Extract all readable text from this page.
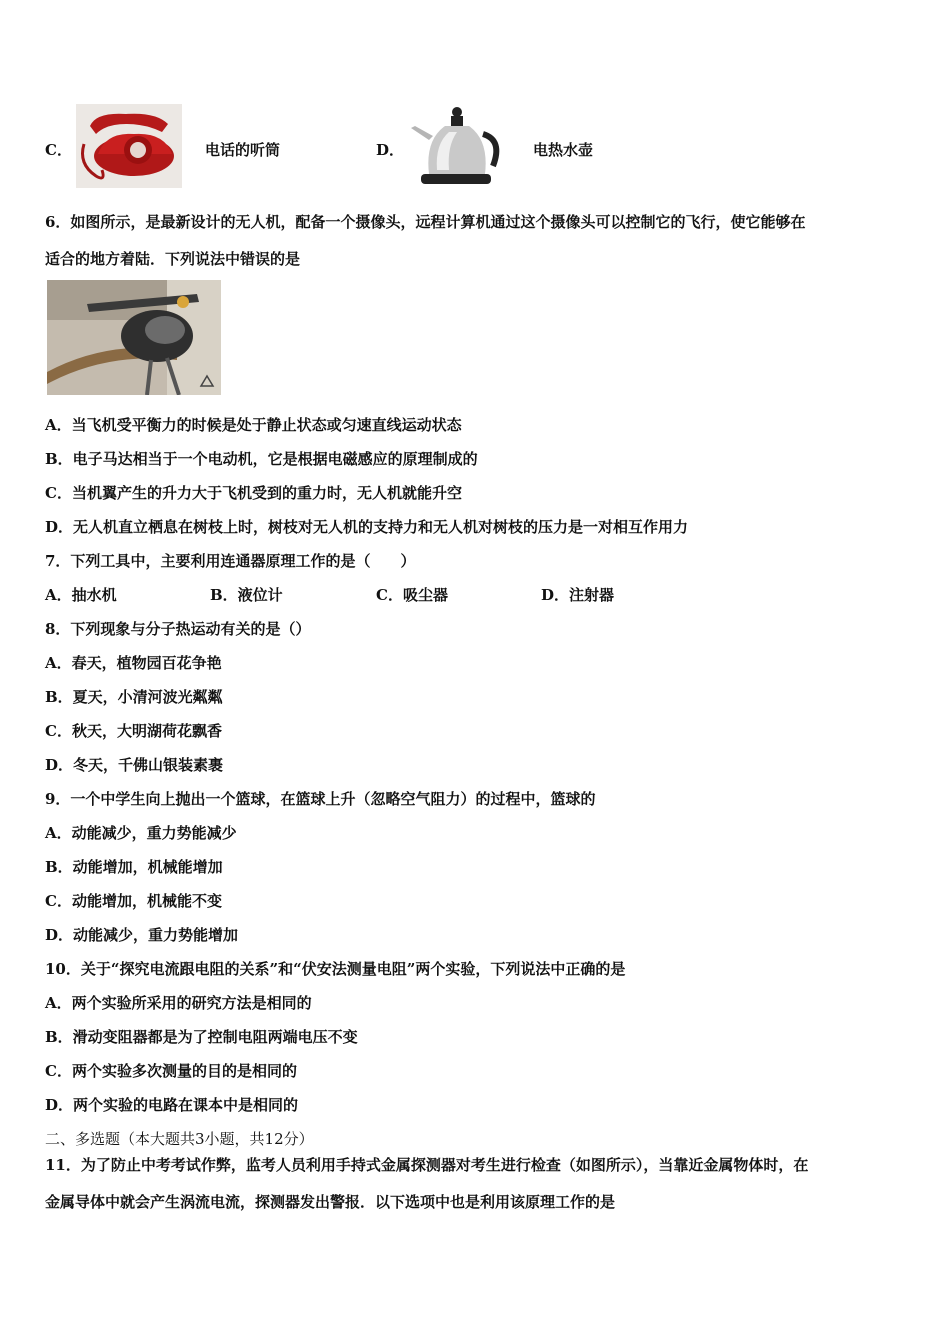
C．	电话的听筒	D．	电热水壶
6．如图所示，是最新设计的无人机，配备一个摄像头，远程计算机通过这个摄像头可以控制它的飞行，使它能够在
适合的地方着陆．下列说法中错误的是
A．当飞机受平衡力的时候是处于静止状态或匀速直线运动状态
B．电子马达相当于一个电动机，它是根据电磁感应的原理制成的
C．当机翼产生的升力大于飞机受到的重力时，无人机就能升空
D．无人机直立栖息在树枝上时，树枝对无人机的支持力和无人机对树枝的压力是一对相互作用力
7．下列工具中，主要利用连通器原理工作的是（　　）
A．抽水机	B．液位计	C．吸尘器	D．注射器
8．下列现象与分子热运动有关的是（）
A．春天，植物园百花争艳
B．夏天，小清河波光粼粼
C．秋天，大明湖荷花飘香
D．冬天，千佛山银装素裹
9．一个中学生向上抛出一个篮球，在篮球上升（忽略空气阻力）的过程中，篮球的
A．动能减少，重力势能减少
B．动能增加，机械能增加
C．动能增加，机械能不变
D．动能减少，重力势能增加
10．关于“探究电流跟电阻的关系”和“伏安法测量电阻”两个实验，下列说法中正确的是
A．两个实验所采用的研究方法是相同的
B．滑动变阻器都是为了控制电阻两端电压不变
C．两个实验多次测量的目的是相同的
D．两个实验的电路在课本中是相同的
二、多选题（本大题共3小题，共12分）
11．为了防止中考考试作弊，监考人员利用手持式金属探测器对考生进行检查（如图所示），当靠近金属物体时，在
金属导体中就会产生涡流电流，探测器发出警报．以下选项中也是利用该原理工作的是
